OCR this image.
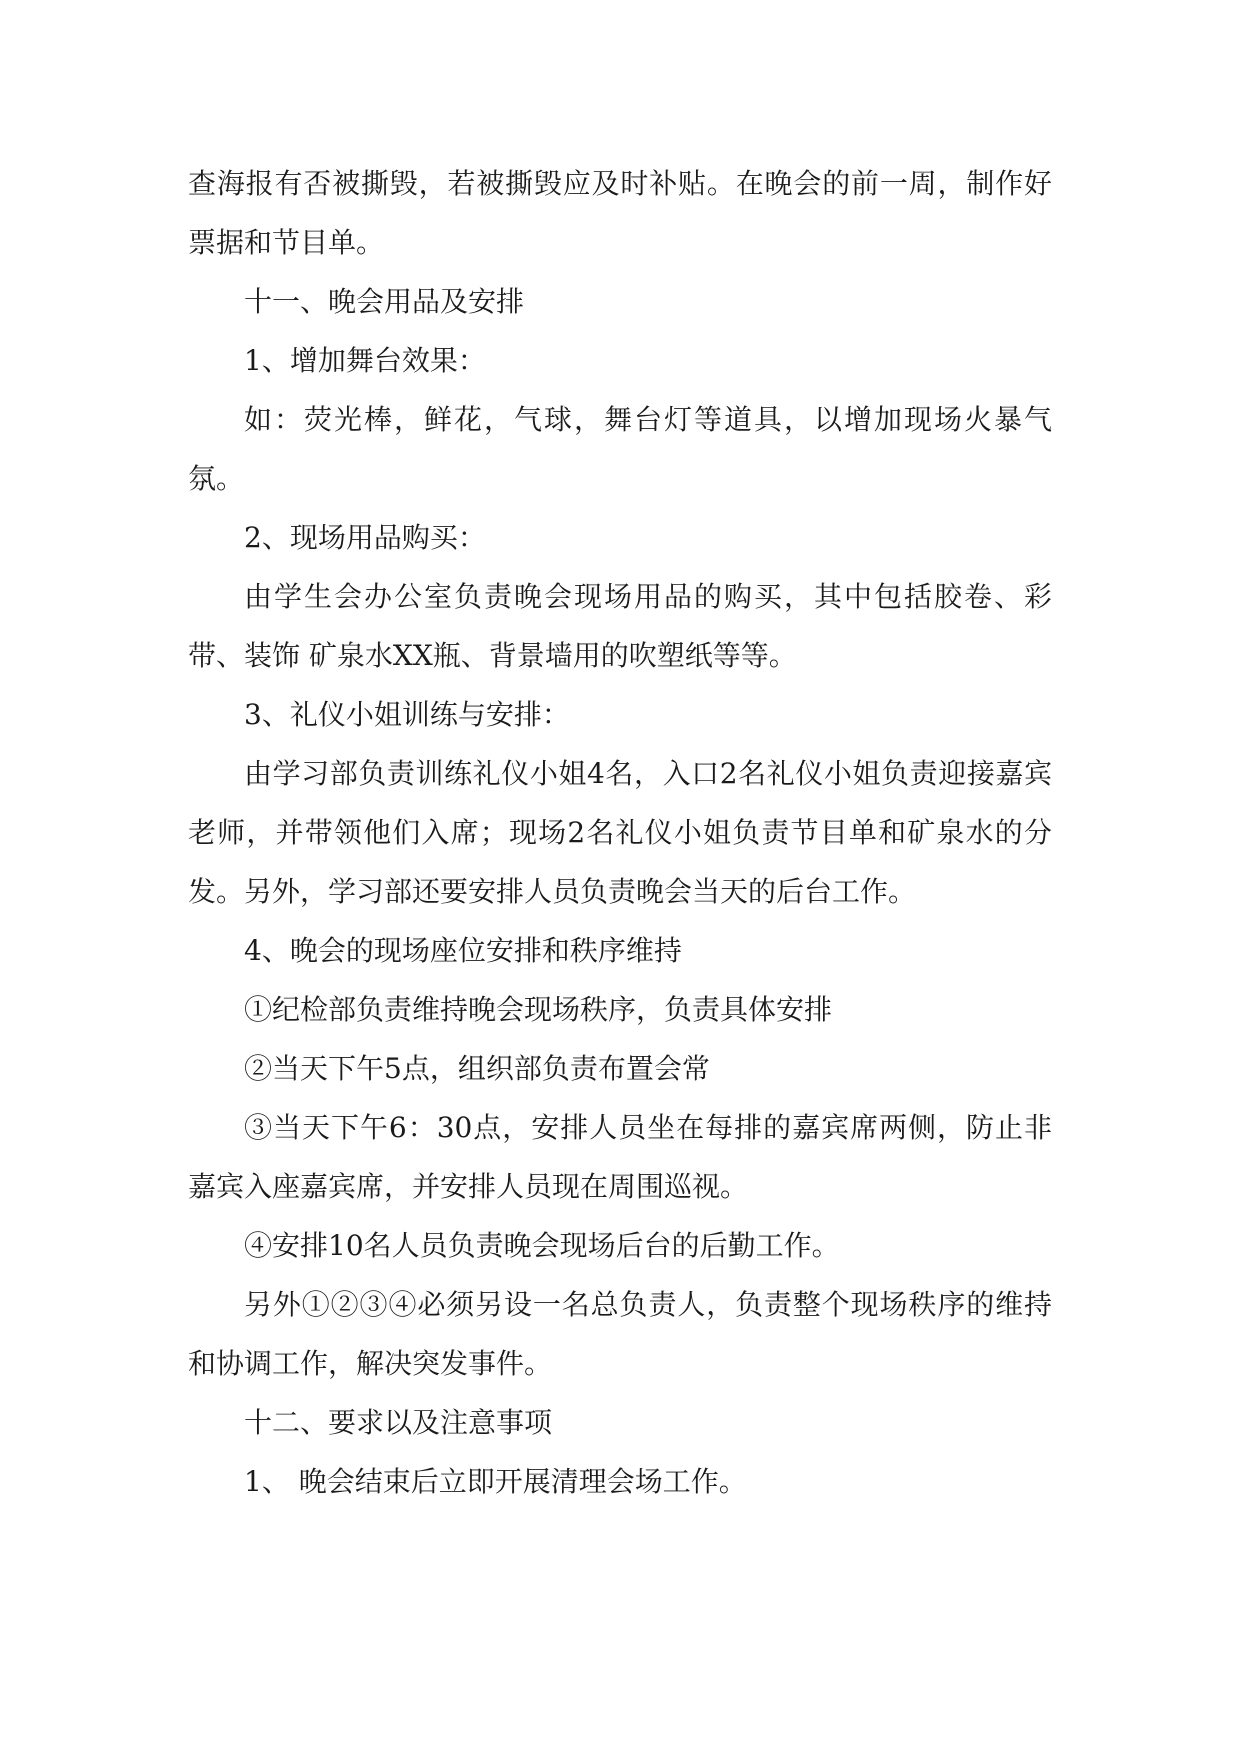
查海报有否被撕毁，若被撕毁应及时补贴。在晚会的前一周，制作好票据和节目单。

十一、晚会用品及安排

1、增加舞台效果：

如：荧光棒，鲜花，气球，舞台灯等道具，以增加现场火暴气氛。

2、现场用品购买：

由学生会办公室负责晚会现场用品的购买，其中包括胶卷、彩带、装饰 矿泉水XX瓶、背景墙用的吹塑纸等等。

3、礼仪小姐训练与安排：

由学习部负责训练礼仪小姐4名，入口2名礼仪小姐负责迎接嘉宾老师，并带领他们入席；现场2名礼仪小姐负责节目单和矿泉水的分发。另外，学习部还要安排人员负责晚会当天的后台工作。

4、晚会的现场座位安排和秩序维持

①纪检部负责维持晚会现场秩序，负责具体安排

②当天下午5点，组织部负责布置会常

③当天下午6：30点，安排人员坐在每排的嘉宾席两侧，防止非嘉宾入座嘉宾席，并安排人员现在周围巡视。

④安排10名人员负责晚会现场后台的后勤工作。

另外①②③④必须另设一名总负责人，负责整个现场秩序的维持和协调工作，解决突发事件。

十二、要求以及注意事项

1、 晚会结束后立即开展清理会场工作。
